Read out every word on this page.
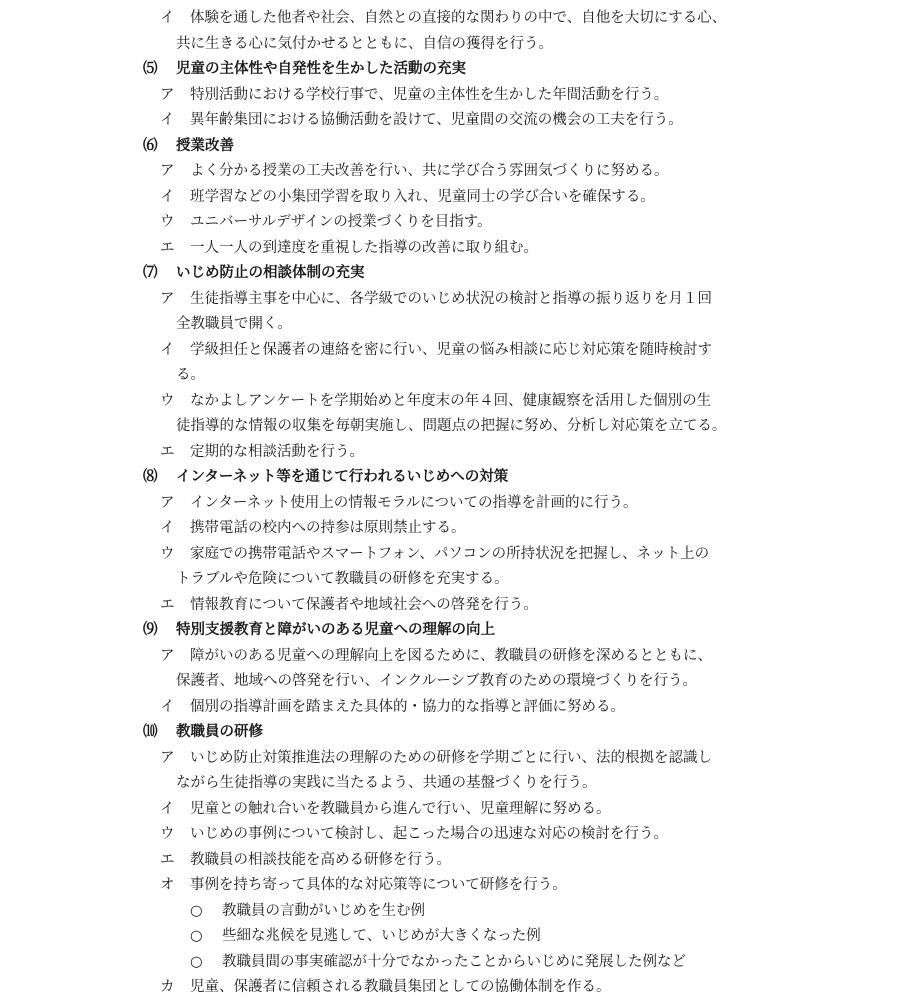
イ 体験を通した他者や社会、自然との直接的な関わりの中で、自他を大切にする心、
共に生きる心に気付かせるとともに、自信の獲得を行う。
⑸	児童の主体性や自発性を生かした活動の充実
ア 特別活動における学校行事で、児童の主体性を生かした年間活動を行う。
イ 異年齢集団における協働活動を設けて、児童間の交流の機会の工夫を行う。
⑹	授業改善
ア よく分かる授業の工夫改善を行い、共に学び合う雰囲気づくりに努める。
イ 班学習などの小集団学習を取り入れ、児童同士の学び合いを確保する。
ウ ユニバーサルデザインの授業づくりを目指す。
エ 一人一人の到達度を重視した指導の改善に取り組む。
⑺	いじめ防止の相談体制の充実
ア 生徒指導主事を中心に、各学級でのいじめ状況の検討と指導の振り返りを月１回
全教職員で開く。
イ 学級担任と保護者の連絡を密に行い、児童の悩み相談に応じ対応策を随時検討す
る。
ウ なかよしアンケートを学期始めと年度末の年４回、健康観察を活用した個別の生
徒指導的な情報の収集を毎朝実施し、問題点の把握に努め、分析し対応策を立てる。
エ 定期的な相談活動を行う。
⑻	インターネット等を通じて行われるいじめへの対策
ア インターネット使用上の情報モラルについての指導を計画的に行う。
イ 携帯電話の校内への持参は原則禁止する。
ウ 家庭での携帯電話やスマートフォン、パソコンの所持状況を把握し、ネット上の
トラブルや危険について教職員の研修を充実する。
エ 情報教育について保護者や地域社会への啓発を行う。
⑼	特別支援教育と障がいのある児童への理解の向上
ア 障がいのある児童への理解向上を図るために、教職員の研修を深めるとともに、
保護者、地域への啓発を行い、インクルーシブ教育のための環境づくりを行う。
イ 個別の指導計画を踏まえた具体的・協力的な指導と評価に努める。
⑽	教職員の研修
ア いじめ防止対策推進法の理解のための研修を学期ごとに行い、法的根拠を認識し
ながら生徒指導の実践に当たるよう、共通の基盤づくりを行う。
イ 児童との触れ合いを教職員から進んで行い、児童理解に努める。
ウ いじめの事例について検討し、起こった場合の迅速な対応の検討を行う。
エ 教職員の相談技能を高める研修を行う。
オ 事例を持ち寄って具体的な対応策等について研修を行う。
○ 教職員の言動がいじめを生む例
○ 些細な兆候を見逃して、いじめが大きくなった例
○ 教職員間の事実確認が十分でなかったことからいじめに発展した例など
カ 児童、保護者に信頼される教職員集団としての協働体制を作る。
